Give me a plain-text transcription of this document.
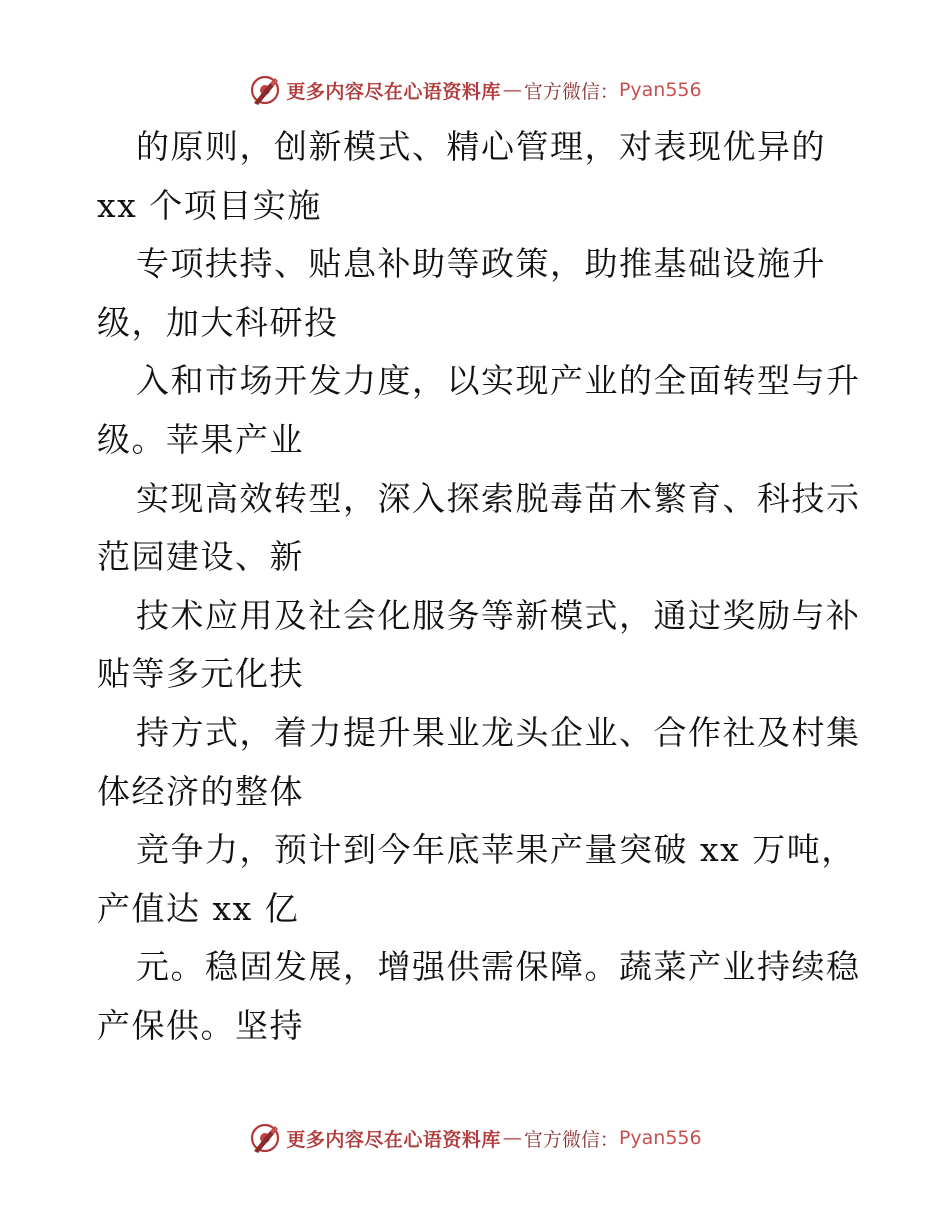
更多内容尽在心语资料库 — 官方微信： Pyan556
的原则，创新模式、精心管理，对表现优异的
xx 个项目实施
专项扶持、贴息补助等政策，助推基础设施升
级，加大科研投
入和市场开发力度，以实现产业的全面转型与升
级。苹果产业
实现高效转型，深入探索脱毒苗木繁育、科技示
范园建设、新
技术应用及社会化服务等新模式，通过奖励与补
贴等多元化扶
持方式，着力提升果业龙头企业、合作社及村集
体经济的整体
竞争力，预计到今年底苹果产量突破 xx 万吨，
产值达 xx 亿
元。稳固发展，增强供需保障。蔬菜产业持续稳
产保供。坚持
更多内容尽在心语资料库 — 官方微信： Pyan556
